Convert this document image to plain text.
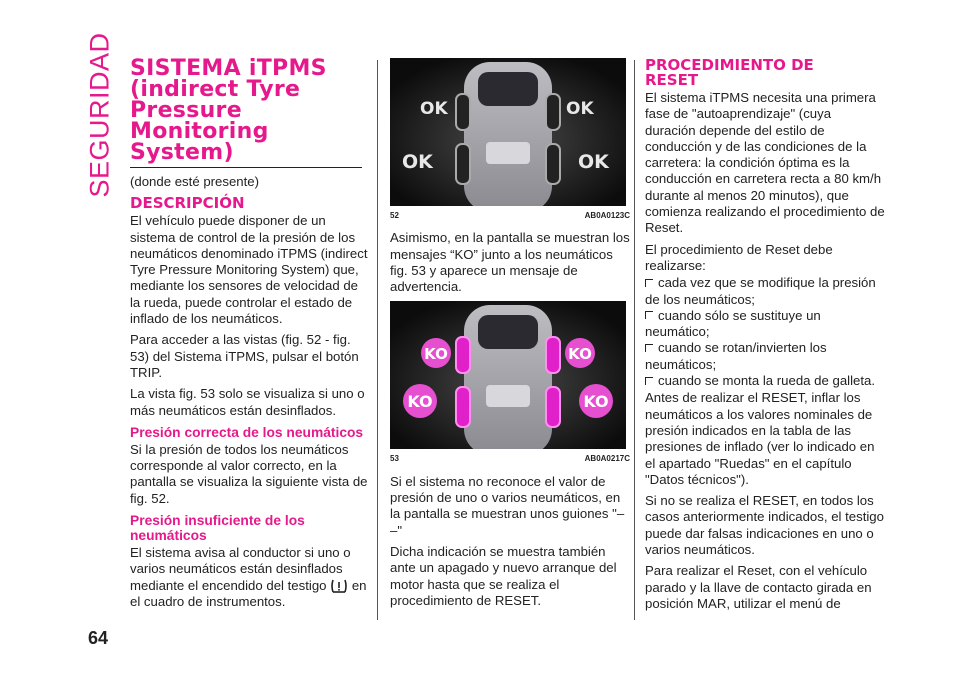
SEGURIDAD
64
SISTEMA iTPMS
(indirect Tyre
Pressure
Monitoring System)

(donde esté presente)

DESCRIPCIÓN

El vehículo puede disponer de un sistema de control de la presión de los neumáticos denominado iTPMS (indirect Tyre Pressure Monitoring System) que, mediante los sensores de velocidad de la rueda, puede controlar el estado de inflado de los neumáticos.

Para acceder a las vistas (fig. 52 - fig. 53) del Sistema iTPMS, pulsar el botón TRIP.

La vista fig. 53 solo se visualiza si uno o más neumáticos están desinflados.

Presión correcta de los neumáticos

Si la presión de todos los neumáticos corresponde al valor correcto, en la pantalla se visualiza la siguiente vista de fig. 52.

Presión insuficiente de los neumáticos

El sistema avisa al conductor si uno o varios neumáticos están desinflados mediante el encendido del testigo en el cuadro de instrumentos.

OK	OK
OK	OK
52	AB0A0123C

Asimismo, en la pantalla se muestran los mensajes “KO” junto a los neumáticos fig. 53 y aparece un mensaje de advertencia.

KO	KO
KO	KO
53	AB0A0217C

Si el sistema no reconoce el valor de presión de uno o varios neumáticos, en la pantalla se muestran unos guiones "– –"

Dicha indicación se muestra también ante un apagado y nuevo arranque del motor hasta que se realiza el procedimiento de RESET.

PROCEDIMIENTO DE
RESET

El sistema iTPMS necesita una primera fase de "autoaprendizaje" (cuya duración depende del estilo de conducción y de las condiciones de la carretera: la condición óptima es la conducción en carretera recta a 80 km/h durante al menos 20 minutos), que comienza realizando el procedimiento de Reset.

El procedimiento de Reset debe realizarse:

cada vez que se modifique la presión de los neumáticos;

cuando sólo se sustituye un neumático;

cuando se rotan/invierten los neumáticos;

cuando se monta la rueda de galleta.

Antes de realizar el RESET, inflar los neumáticos a los valores nominales de presión indicados en la tabla de las presiones de inflado (ver lo indicado en el apartado "Ruedas" en el capítulo "Datos técnicos").

Si no se realiza el RESET, en todos los casos anteriormente indicados, el testigo puede dar falsas indicaciones en uno o varios neumáticos.

Para realizar el Reset, con el vehículo parado y la llave de contacto girada en posición MAR, utilizar el menú de
